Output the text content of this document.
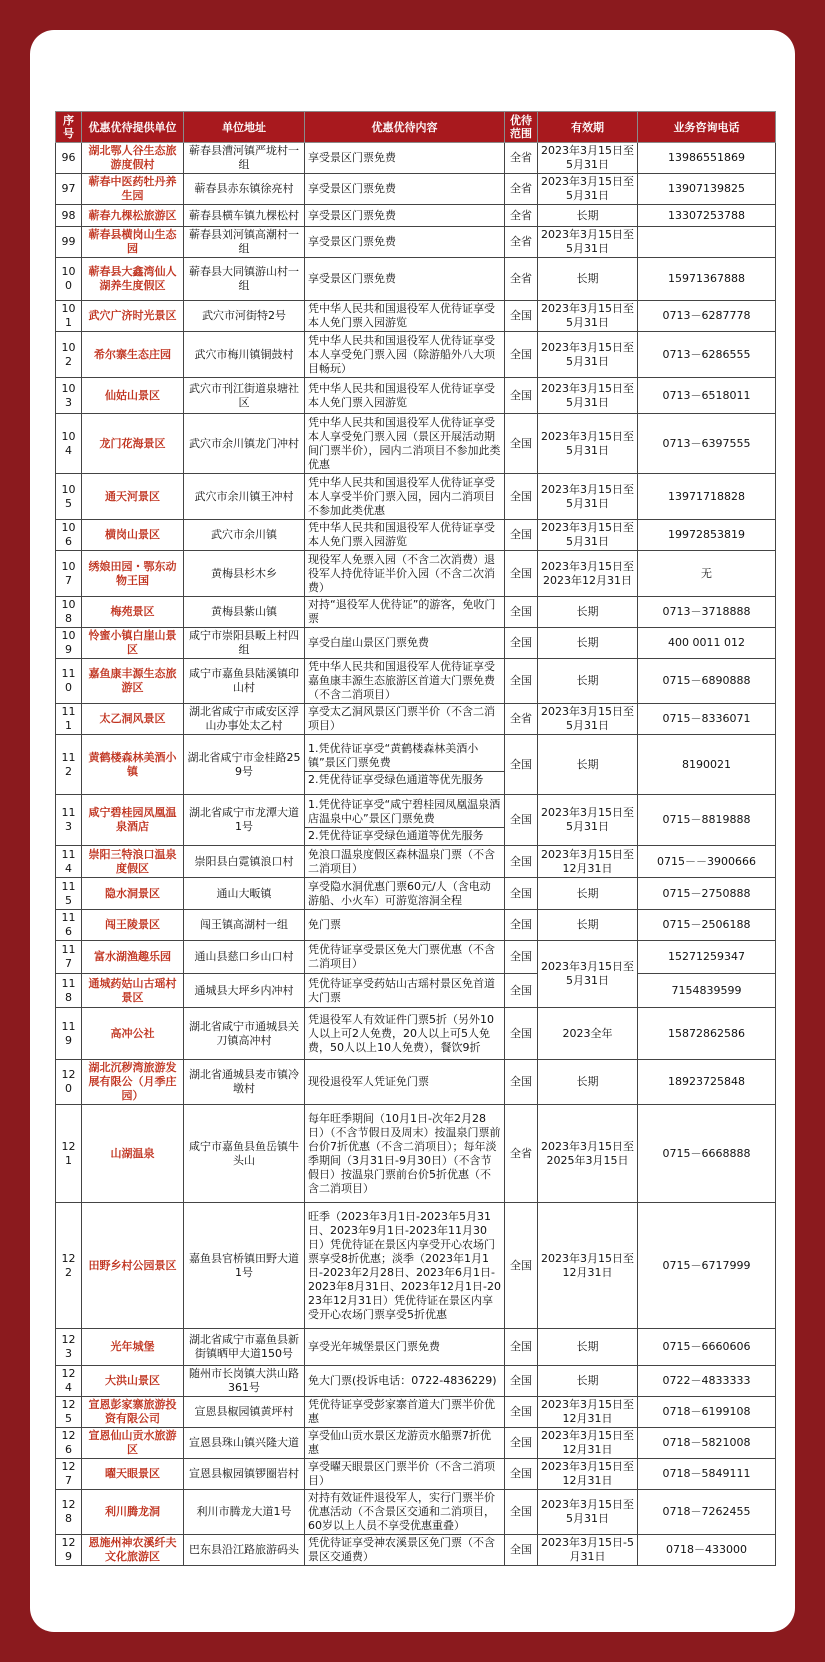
序号	优惠优待提供单位	单位地址	优惠优待内容	优待范围	有效期	业务咨询电话
96	湖北鄂人谷生态旅游度假村	蕲春县漕河镇严垅村一组	享受景区门票免费	全省	2023年3月15日至5月31日	13986551869
97	蕲春中医药牡丹养生园	蕲春县赤东镇徐亮村	享受景区门票免费	全省	2023年3月15日至5月31日	13907139825
98	蕲春九棵松旅游区	蕲春县横车镇九棵松村	享受景区门票免费	全省	长期	13307253788
99	蕲春县横岗山生态园	蕲春县刘河镇高潮村一组	享受景区门票免费	全省	2023年3月15日至5月31日	
100	蕲春县大鑫湾仙人湖养生度假区	蕲春县大同镇游山村一组	享受景区门票免费	全省	长期	15971367888
101	武穴广济时光景区	武穴市河街特2号	凭中华人民共和国退役军人优待证享受本人免门票入园游览	全国	2023年3月15日至5月31日	0713－6287778
102	希尔寨生态庄园	武穴市梅川镇铜鼓村	凭中华人民共和国退役军人优待证享受本人享受免门票入园（除游船外八大项目畅玩）	全国	2023年3月15日至5月31日	0713－6286555
103	仙姑山景区	武穴市刊江街道泉塘社区	凭中华人民共和国退役军人优待证享受本人免门票入园游览	全国	2023年3月15日至5月31日	0713－6518011
104	龙门花海景区	武穴市余川镇龙门冲村	凭中华人民共和国退役军人优待证享受本人享受免门票入园（景区开展活动期间门票半价），园内二消项目不参加此类优惠	全国	2023年3月15日至5月31日	0713－6397555
105	通天河景区	武穴市余川镇王冲村	凭中华人民共和国退役军人优待证享受本人享受半价门票入园，园内二消项目不参加此类优惠	全国	2023年3月15日至5月31日	13971718828
106	横岗山景区	武穴市余川镇	凭中华人民共和国退役军人优待证享受本人免门票入园游览	全国	2023年3月15日至5月31日	19972853819
107	绣娘田园・鄂东动物王国	黄梅县杉木乡	现役军人免票入园（不含二次消费）退役军人持优待证半价入园（不含二次消费）	全国	2023年3月15日至2023年12月31日	无
108	梅苑景区	黄梅县紫山镇	对持“退役军人优待证”的游客，免收门票	全国	长期	0713－3718888
109	怜蜜小镇白崖山景区	咸宁市崇阳县畈上村四组	享受白崖山景区门票免费	全国	长期	400 0011 012
110	嘉鱼康丰源生态旅游区	咸宁市嘉鱼县陆溪镇印山村	凭中华人民共和国退役军人优待证享受嘉鱼康丰源生态旅游区首道大门票免费（不含二消项目）	全国	长期	0715－6890888
111	太乙洞风景区	湖北省咸宁市咸安区浮山办事处太乙村	享受太乙洞风景区门票半价（不含二消项目）	全省	2023年3月15日至5月31日	0715－8336071
112	黄鹤楼森林美酒小镇	湖北省咸宁市金桂路259号	1.凭优待证享受“黄鹤楼森林美酒小镇”景区门票免费
2.凭优待证享受绿色通道等优先服务	全国	长期	8190021
113	咸宁碧桂园凤凰温泉酒店	湖北省咸宁市龙潭大道1号	1.凭优待证享受“咸宁碧桂园凤凰温泉酒店温泉中心”景区门票免费
2.凭优待证享受绿色通道等优先服务	全国	2023年3月15日至5月31日	0715－8819888
114	崇阳三特浪口温泉度假区	崇阳县白霓镇浪口村	免浪口温泉度假区森林温泉门票（不含二消项目）	全国	2023年3月15日至12月31日	0715－－3900666
115	隐水洞景区	通山大畈镇	享受隐水洞优惠门票60元/人（含电动游船、小火车）可游览溶洞全程	全国	长期	0715－2750888
116	闯王陵景区	闯王镇高湖村一组	免门票	全国	长期	0715－2506188
117	富水湖渔趣乐园	通山县慈口乡山口村	凭优待证享受景区免大门票优惠（不含二消项目）	全国	2023年3月15日至5月31日	15271259347
118	通城药姑山古瑶村景区	通城县大坪乡内冲村	凭优待证享受药姑山古瑶村景区免首道大门票	全国		7154839599
119	高冲公社	湖北省咸宁市通城县关刀镇高冲村	凭退役军人有效证件门票5折（另外10人以上可2人免费，20人以上可5人免费，50人以上10人免费），餐饮9折	全国	2023全年	15872862586
120	湖北沉秽湾旅游发展有限公（月季庄园）	湖北省通城县麦市镇冷墩村	现役退役军人凭证免门票	全国	长期	18923725848
121	山湖温泉	咸宁市嘉鱼县鱼岳镇牛头山	每年旺季期间（10月1日-次年2月28日）（不含节假日及周末）按温泉门票前台价7折优惠（不含二消项目）；每年淡季期间（3月31日-9月30日）（不含节假日）按温泉门票前台价5折优惠（不含二消项目）	全省	2023年3月15日至2025年3月15日	0715－6668888
122	田野乡村公园景区	嘉鱼县官桥镇田野大道1号	旺季（2023年3月1日-2023年5月31日、2023年9月1日-2023年11月30日）凭优待证在景区内享受开心农场门票享受8折优惠；淡季（2023年1月1日-2023年2月28日、2023年6月1日-2023年8月31日、2023年12月1日-2023年12月31日）凭优待证在景区内享受开心农场门票享受5折优惠	全国	2023年3月15日至12月31日	0715－6717999
123	光年城堡	湖北省咸宁市嘉鱼县新街镇晒甲大道150号	享受光年城堡景区门票免费	全国	长期	0715－6660606
124	大洪山景区	随州市长岗镇大洪山路361号	免大门票(投诉电话：0722-4836229)	全国	长期	0722－4833333
125	宣恩彭家寨旅游投资有限公司	宣恩县椒园镇黄坪村	凭优待证享受彭家寨首道大门票半价优惠	全国	2023年3月15日至12月31日	0718－6199108
126	宣恩仙山贡水旅游区	宣恩县珠山镇兴隆大道	享受仙山贡水景区龙游贡水船票7折优惠	全国	2023年3月15日至12月31日	0718－5821008
127	曜天眼景区	宣恩县椒园镇锣圈岩村	享受曜天眼景区门票半价（不含二消项目）	全国	2023年3月15日至12月31日	0718－5849111
128	利川腾龙洞	利川市腾龙大道1号	对持有效证件退役军人，实行门票半价优惠活动（不含景区交通和二消项目，60岁以上人员不享受优惠重叠）	全国	2023年3月15日至5月31日	0718－7262455
129	恩施州神农溪纤夫文化旅游区	巴东县沿江路旅游码头	凭优待证享受神农溪景区免门票（不含景区交通费）	全国	2023年3月15日-5月31日	0718－433000
